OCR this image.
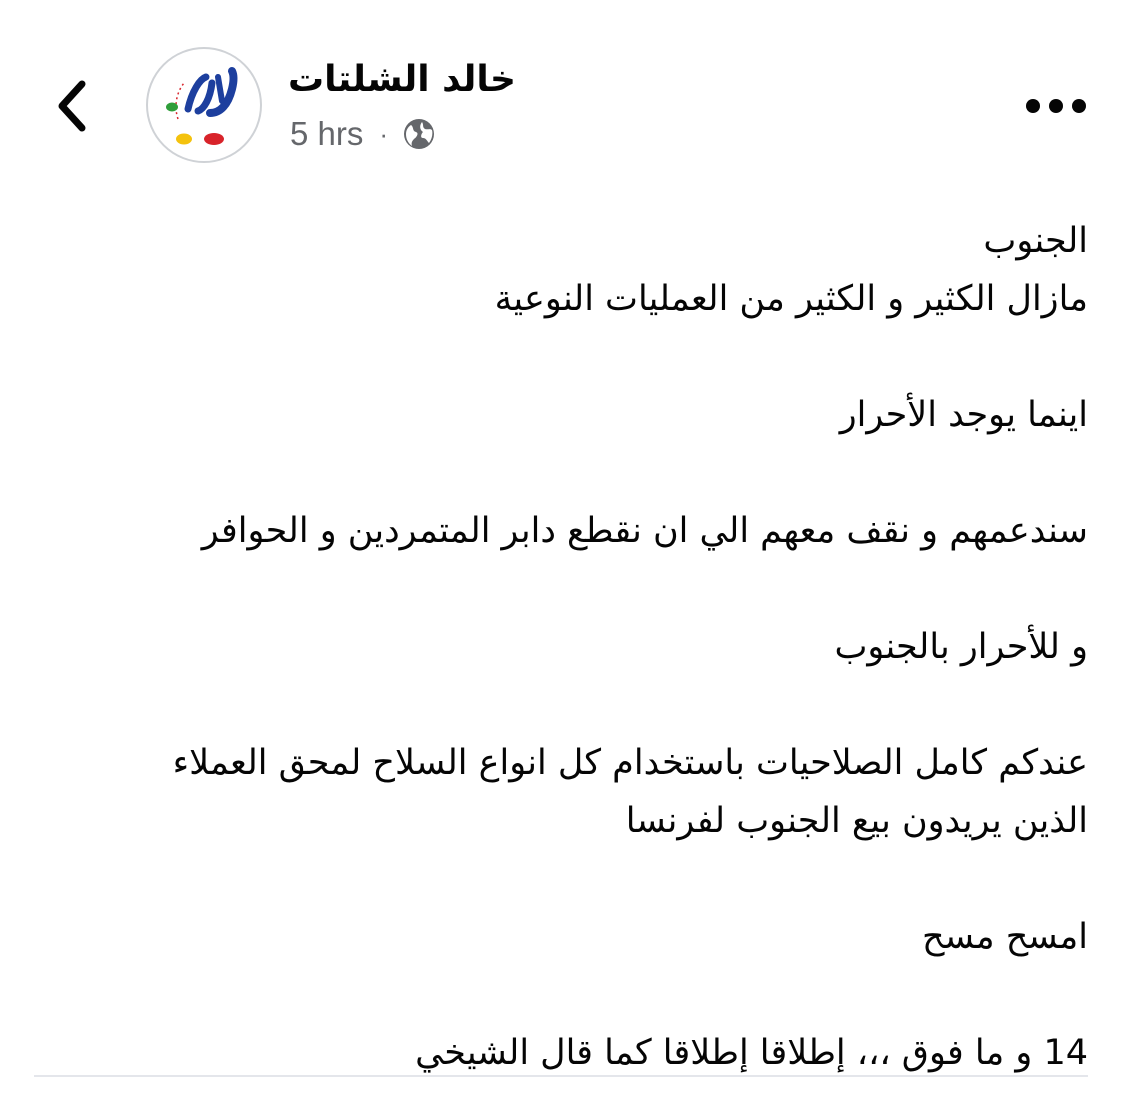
خالد الشلتات
5 hrs ·

الجنوب

مازال الكثير و الكثير من العمليات النوعية

اينما يوجد الأحرار

سندعمهم و نقف معهم الي ان نقطع دابر المتمردين و الحوافر

و للأحرار بالجنوب

عندكم كامل الصلاحيات باستخدام كل انواع السلاح لمحق العملاء

الذين يريدون بيع الجنوب لفرنسا

امسح مسح

14 و ما فوق ،،، إطلاقا إطلاقا كما قال الشيخي
